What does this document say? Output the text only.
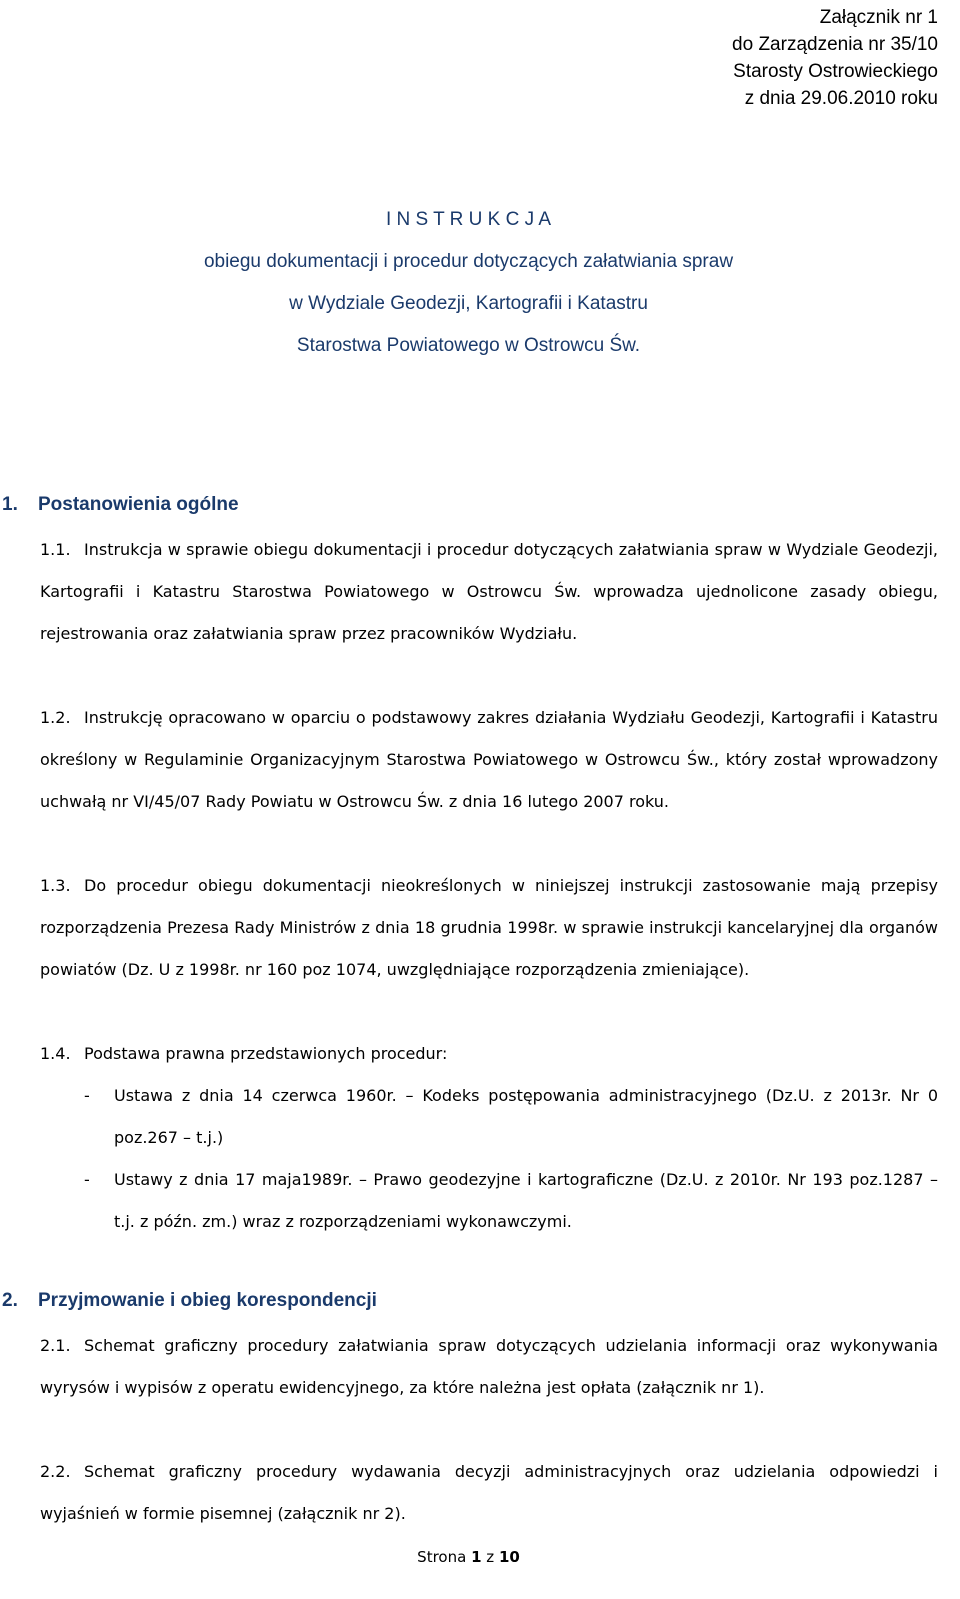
Załącznik nr 1
do Zarządzenia nr 35/10
Starosty Ostrowieckiego
z dnia 29.06.2010 roku
I N S T R U K C J A
obiegu dokumentacji i procedur dotyczących załatwiania spraw
w Wydziale Geodezji, Kartografii i Katastru
Starostwa Powiatowego w Ostrowcu Św.
1. Postanowienia ogólne
1.1. Instrukcja w sprawie obiegu dokumentacji i procedur dotyczących załatwiania spraw w Wydziale Geodezji, Kartografii i Katastru Starostwa Powiatowego w Ostrowcu Św. wprowadza ujednolicone zasady obiegu, rejestrowania oraz załatwiania spraw przez pracowników Wydziału.
1.2. Instrukcję opracowano w oparciu o podstawowy zakres działania Wydziału Geodezji, Kartografii i Katastru określony w Regulaminie Organizacyjnym Starostwa Powiatowego w Ostrowcu Św., który został wprowadzony uchwałą nr VI/45/07 Rady Powiatu w Ostrowcu Św. z dnia 16 lutego 2007 roku.
1.3. Do procedur obiegu dokumentacji nieokreślonych w niniejszej instrukcji zastosowanie mają przepisy rozporządzenia Prezesa Rady Ministrów z dnia 18 grudnia 1998r. w sprawie instrukcji kancelaryjnej dla organów powiatów (Dz. U z 1998r. nr 160 poz 1074, uwzględniające rozporządzenia zmieniające).
1.4. Podstawa prawna przedstawionych procedur:
-	Ustawa z dnia 14 czerwca 1960r. – Kodeks postępowania administracyjnego (Dz.U. z 2013r. Nr 0 poz.267 – t.j.)
-	Ustawy z dnia 17 maja1989r. – Prawo geodezyjne i kartograficzne (Dz.U. z 2010r. Nr 193 poz.1287 – t.j. z późn. zm.) wraz z rozporządzeniami wykonawczymi.
2. Przyjmowanie i obieg korespondencji
2.1. Schemat graficzny procedury załatwiania spraw dotyczących udzielania informacji oraz wykonywania wyrysów i wypisów z operatu ewidencyjnego, za które należna jest opłata (załącznik nr 1).
2.2. Schemat graficzny procedury wydawania decyzji administracyjnych oraz udzielania odpowiedzi i wyjaśnień w formie pisemnej (załącznik nr 2).
Strona 1 z 10
